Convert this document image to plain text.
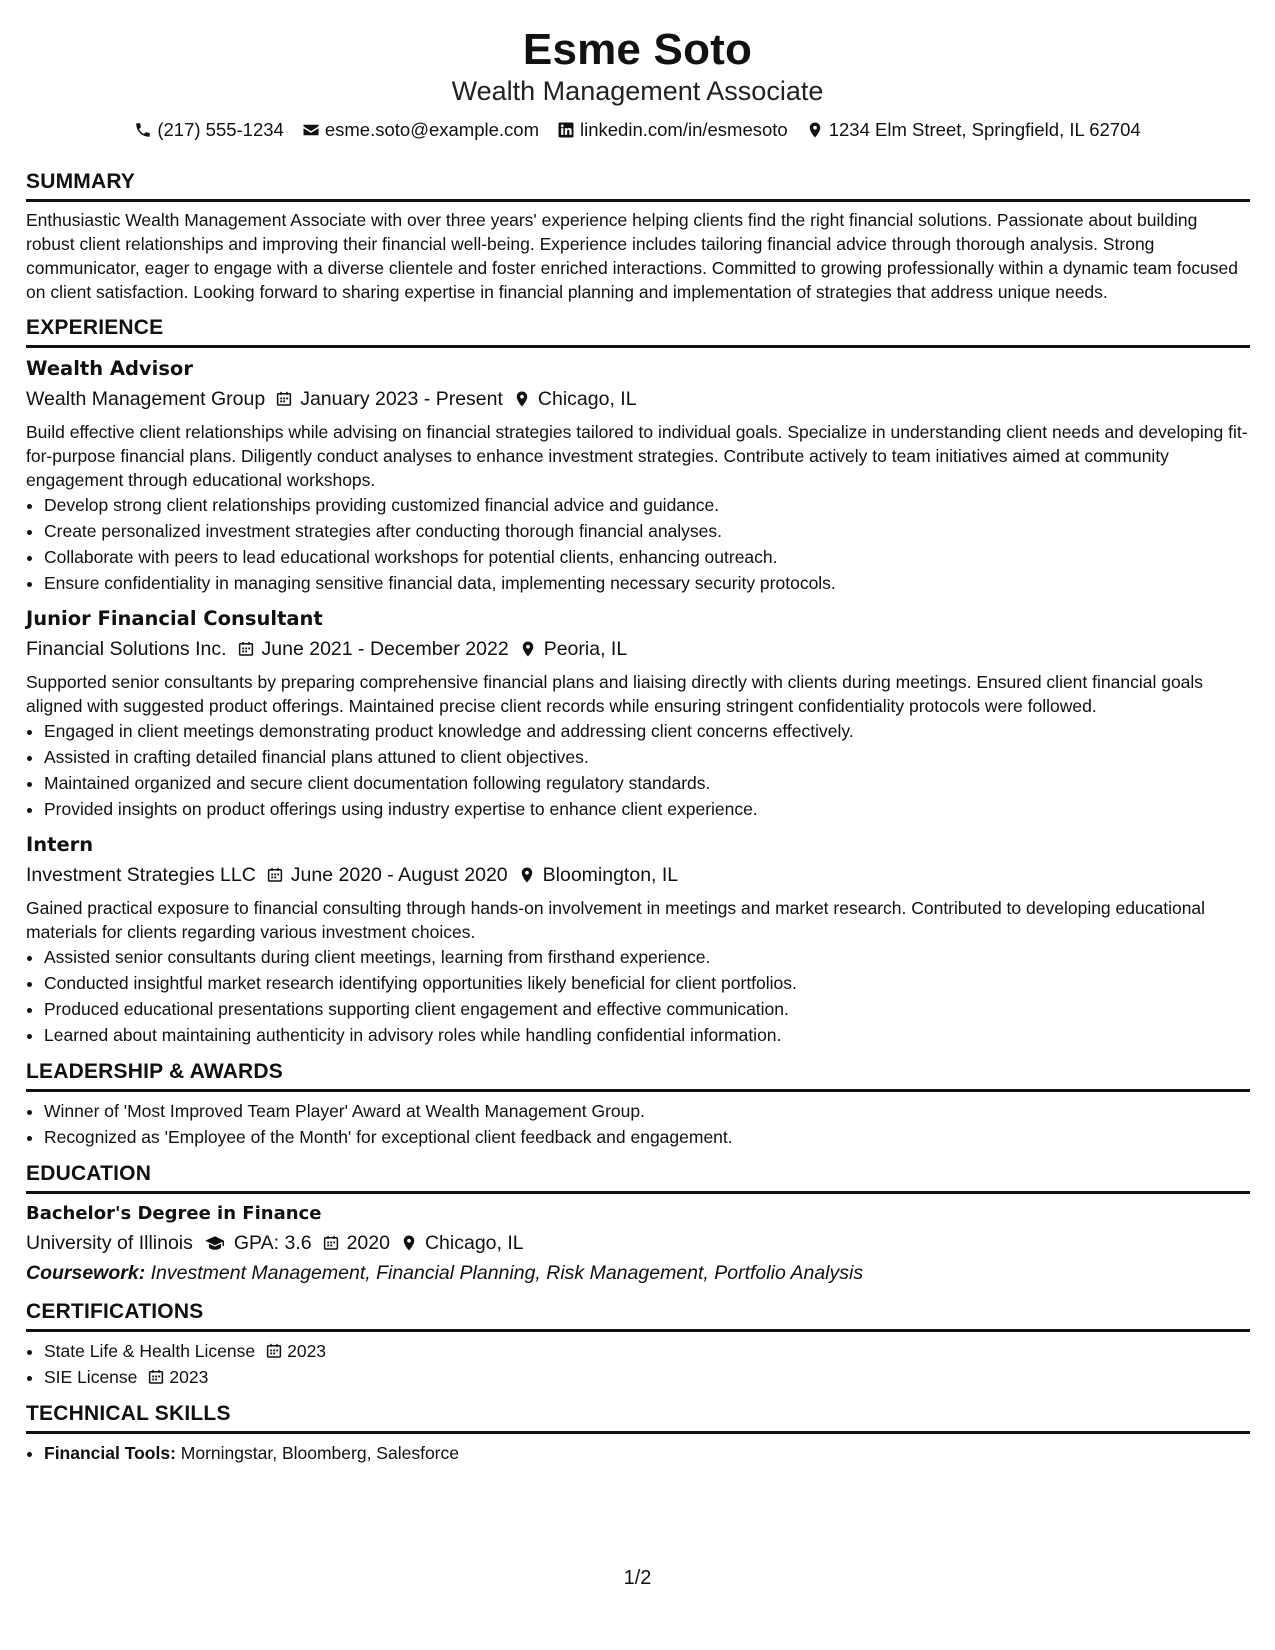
Esme Soto
Wealth Management Associate
(217) 555-1234 esme.soto@example.com linkedin.com/in/esmesoto 1234 Elm Street, Springfield, IL 62704
SUMMARY

Enthusiastic Wealth Management Associate with over three years' experience helping clients find the right financial solutions. Passionate about building robust client relationships and improving their financial well-being. Experience includes tailoring financial advice through thorough analysis. Strong communicator, eager to engage with a diverse clientele and foster enriched interactions. Committed to growing professionally within a dynamic team focused on client satisfaction. Looking forward to sharing expertise in financial planning and implementation of strategies that address unique needs.

EXPERIENCE
Wealth Advisor
Wealth Management Group January 2023 - Present Chicago, IL

Build effective client relationships while advising on financial strategies tailored to individual goals. Specialize in understanding client needs and developing fit-for-purpose financial plans. Diligently conduct analyses to enhance investment strategies. Contribute actively to team initiatives aimed at community engagement through educational workshops.

• Develop strong client relationships providing customized financial advice and guidance.
• Create personalized investment strategies after conducting thorough financial analyses.
• Collaborate with peers to lead educational workshops for potential clients, enhancing outreach.
• Ensure confidentiality in managing sensitive financial data, implementing necessary security protocols.
Junior Financial Consultant
Financial Solutions Inc. June 2021 - December 2022 Peoria, IL

Supported senior consultants by preparing comprehensive financial plans and liaising directly with clients during meetings. Ensured client financial goals aligned with suggested product offerings. Maintained precise client records while ensuring stringent confidentiality protocols were followed.

• Engaged in client meetings demonstrating product knowledge and addressing client concerns effectively.
• Assisted in crafting detailed financial plans attuned to client objectives.
• Maintained organized and secure client documentation following regulatory standards.
• Provided insights on product offerings using industry expertise to enhance client experience.
Intern
Investment Strategies LLC June 2020 - August 2020 Bloomington, IL

Gained practical exposure to financial consulting through hands-on involvement in meetings and market research. Contributed to developing educational materials for clients regarding various investment choices.

• Assisted senior consultants during client meetings, learning from firsthand experience.
• Conducted insightful market research identifying opportunities likely beneficial for client portfolios.
• Produced educational presentations supporting client engagement and effective communication.
• Learned about maintaining authenticity in advisory roles while handling confidential information.
LEADERSHIP & AWARDS
• Winner of 'Most Improved Team Player' Award at Wealth Management Group.
• Recognized as 'Employee of the Month' for exceptional client feedback and engagement.
EDUCATION
Bachelor's Degree in Finance
University of Illinois GPA: 3.6 2020 Chicago, IL
Coursework: Investment Management, Financial Planning, Risk Management, Portfolio Analysis
CERTIFICATIONS
• State Life & Health License 2023
• SIE License 2023
TECHNICAL SKILLS
• Financial Tools: Morningstar, Bloomberg, Salesforce
1/2
